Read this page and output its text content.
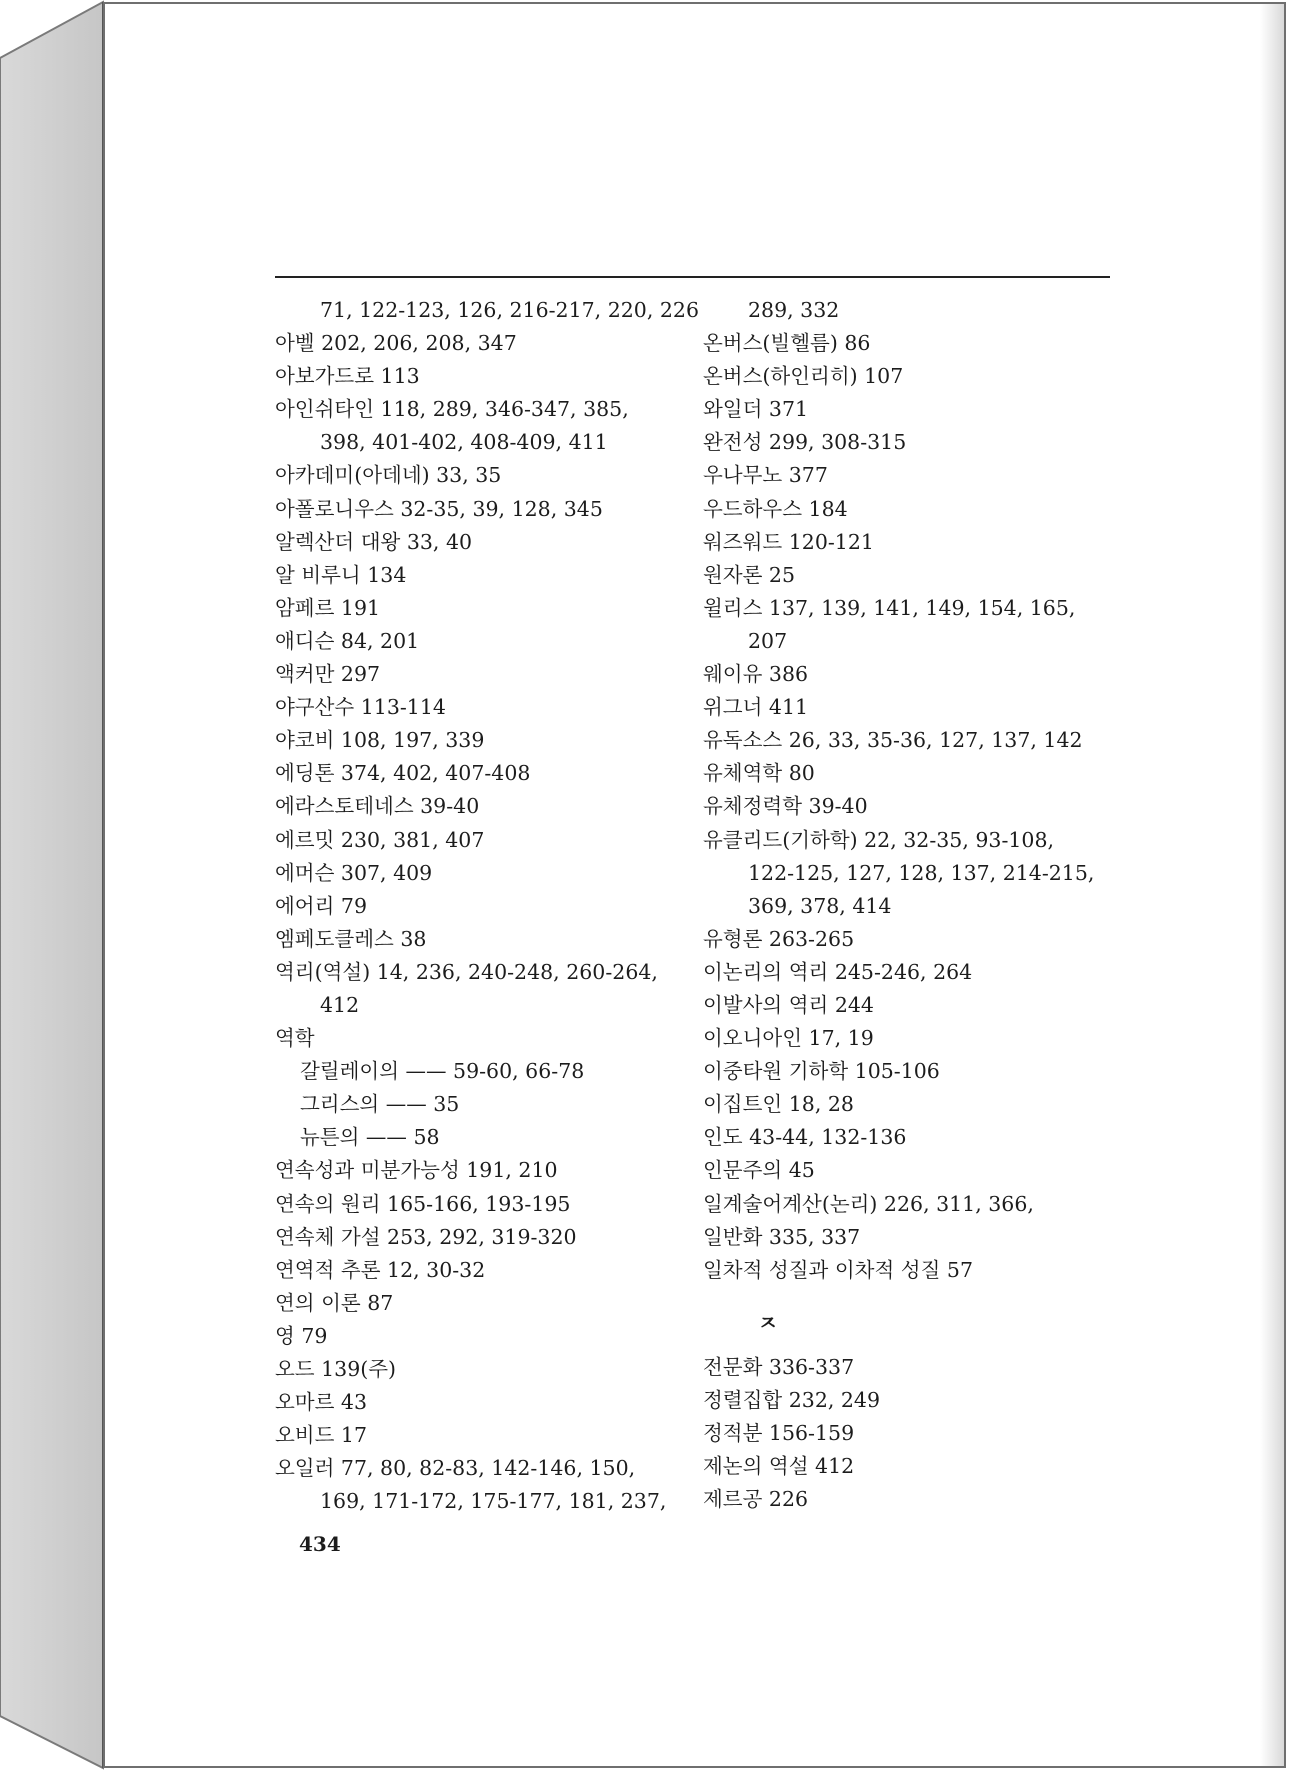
71, 122-123, 126, 216-217, 220, 226
아벨 202, 206, 208, 347
아보가드로 113
아인쉬타인 118, 289, 346-347, 385,
398, 401-402, 408-409, 411
아카데미(아데네) 33, 35
아폴로니우스 32-35, 39, 128, 345
알렉산더 대왕 33, 40
알 비루니 134
암페르 191
애디슨 84, 201
액커만 297
야구산수 113-114
야코비 108, 197, 339
에딩톤 374, 402, 407-408
에라스토테네스 39-40
에르밋 230, 381, 407
에머슨 307, 409
에어리 79
엠페도클레스 38
역리(역설) 14, 236, 240-248, 260-264,
412
역학
갈릴레이의 —— 59-60, 66-78
그리스의 —— 35
뉴튼의 —— 58
연속성과 미분가능성 191, 210
연속의 원리 165-166, 193-195
연속체 가설 253, 292, 319-320
연역적 추론 12, 30-32
연의 이론 87
영 79
오드 139(주)
오마르 43
오비드 17
오일러 77, 80, 82-83, 142-146, 150,
169, 171-172, 175-177, 181, 237,
289, 332
온버스(빌헬름) 86
온버스(하인리히) 107
와일더 371
완전성 299, 308-315
우나무노 377
우드하우스 184
워즈워드 120-121
원자론 25
윌리스 137, 139, 141, 149, 154, 165,
207
웨이유 386
위그너 411
유독소스 26, 33, 35-36, 127, 137, 142
유체역학 80
유체정력학 39-40
유클리드(기하학) 22, 32-35, 93-108,
122-125, 127, 128, 137, 214-215,
369, 378, 414
유형론 263-265
이논리의 역리 245-246, 264
이발사의 역리 244
이오니아인 17, 19
이중타원 기하학 105-106
이집트인 18, 28
인도 43-44, 132-136
인문주의 45
일계술어계산(논리) 226, 311, 366,
일반화 335, 337
일차적 성질과 이차적 성질 57
ㅈ
전문화 336-337
정렬집합 232, 249
정적분 156-159
제논의 역설 412
제르공 226
434
